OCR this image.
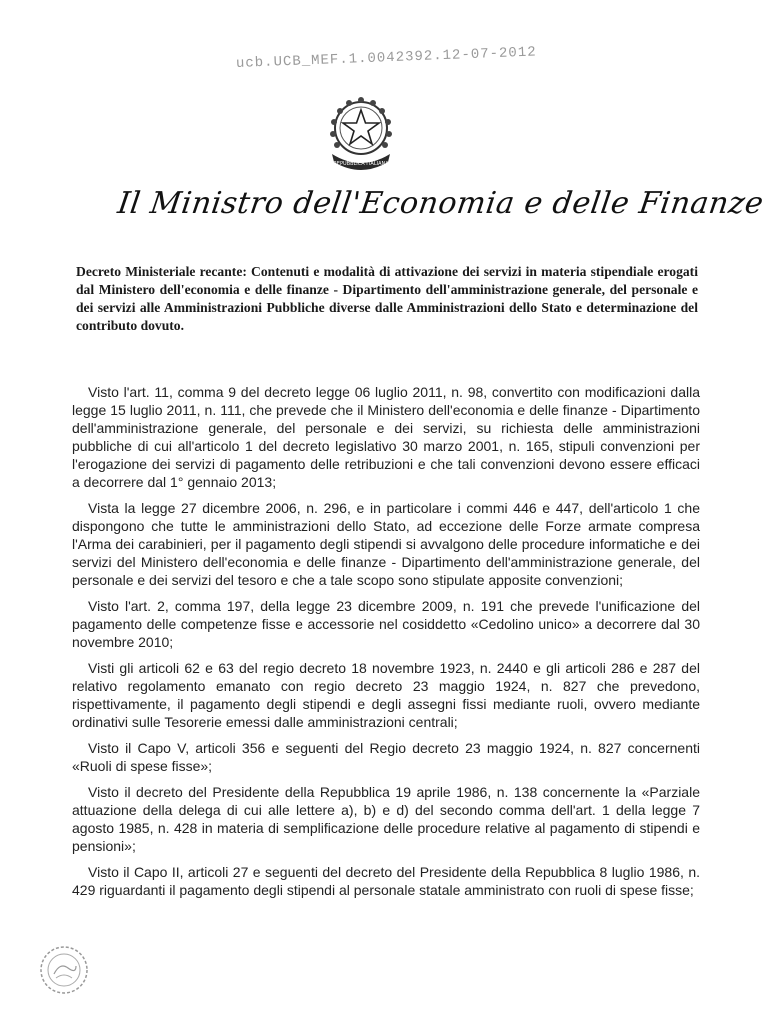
ucb.UCB_MEF.1.0042392.12-07-2012
REPUBBLICA ITALIANA
Il Ministro dell'Economia e delle Finanze
Decreto Ministeriale recante: Contenuti e modalità di attivazione dei servizi in materia stipendiale erogati dal Ministero dell'economia e delle finanze - Dipartimento dell'amministrazione generale, del personale e dei servizi alle Amministrazioni Pubbliche diverse dalle Amministrazioni dello Stato e determinazione del contributo dovuto.

Visto l'art. 11, comma 9 del decreto legge 06 luglio 2011, n. 98, convertito con modificazioni dalla legge 15 luglio 2011, n. 111, che prevede che il Ministero dell'economia e delle finanze - Dipartimento dell'amministrazione generale, del personale e dei servizi, su richiesta delle amministrazioni pubbliche di cui all'articolo 1 del decreto legislativo 30 marzo 2001, n. 165, stipuli convenzioni per l'erogazione dei servizi di pagamento delle retribuzioni e che tali convenzioni devono essere efficaci a decorrere dal 1° gennaio 2013;

Vista la legge 27 dicembre 2006, n. 296, e in particolare i commi 446 e 447, dell'articolo 1 che dispongono che tutte le amministrazioni dello Stato, ad eccezione delle Forze armate compresa l'Arma dei carabinieri, per il pagamento degli stipendi si avvalgono delle procedure informatiche e dei servizi del Ministero dell'economia e delle finanze - Dipartimento dell'amministrazione generale, del personale e dei servizi del tesoro e che a tale scopo sono stipulate apposite convenzioni;

Visto l'art. 2, comma 197, della legge 23 dicembre 2009, n. 191 che prevede l'unificazione del pagamento delle competenze fisse e accessorie nel cosiddetto «Cedolino unico» a decorrere dal 30 novembre 2010;

Visti gli articoli 62 e 63 del regio decreto 18 novembre 1923, n. 2440 e gli articoli 286 e 287 del relativo regolamento emanato con regio decreto 23 maggio 1924, n. 827 che prevedono, rispettivamente, il pagamento degli stipendi e degli assegni fissi mediante ruoli, ovvero mediante ordinativi sulle Tesorerie emessi dalle amministrazioni centrali;

Visto il Capo V, articoli 356 e seguenti del Regio decreto 23 maggio 1924, n. 827 concernenti «Ruoli di spese fisse»;

Visto il decreto del Presidente della Repubblica 19 aprile 1986, n. 138 concernente la «Parziale attuazione della delega di cui alle lettere a), b) e d) del secondo comma dell'art. 1 della legge 7 agosto 1985, n. 428 in materia di semplificazione delle procedure relative al pagamento di stipendi e pensioni»;

Visto il Capo II, articoli 27 e seguenti del decreto del Presidente della Repubblica 8 luglio 1986, n. 429 riguardanti il pagamento degli stipendi al personale statale amministrato con ruoli di spese fisse;
